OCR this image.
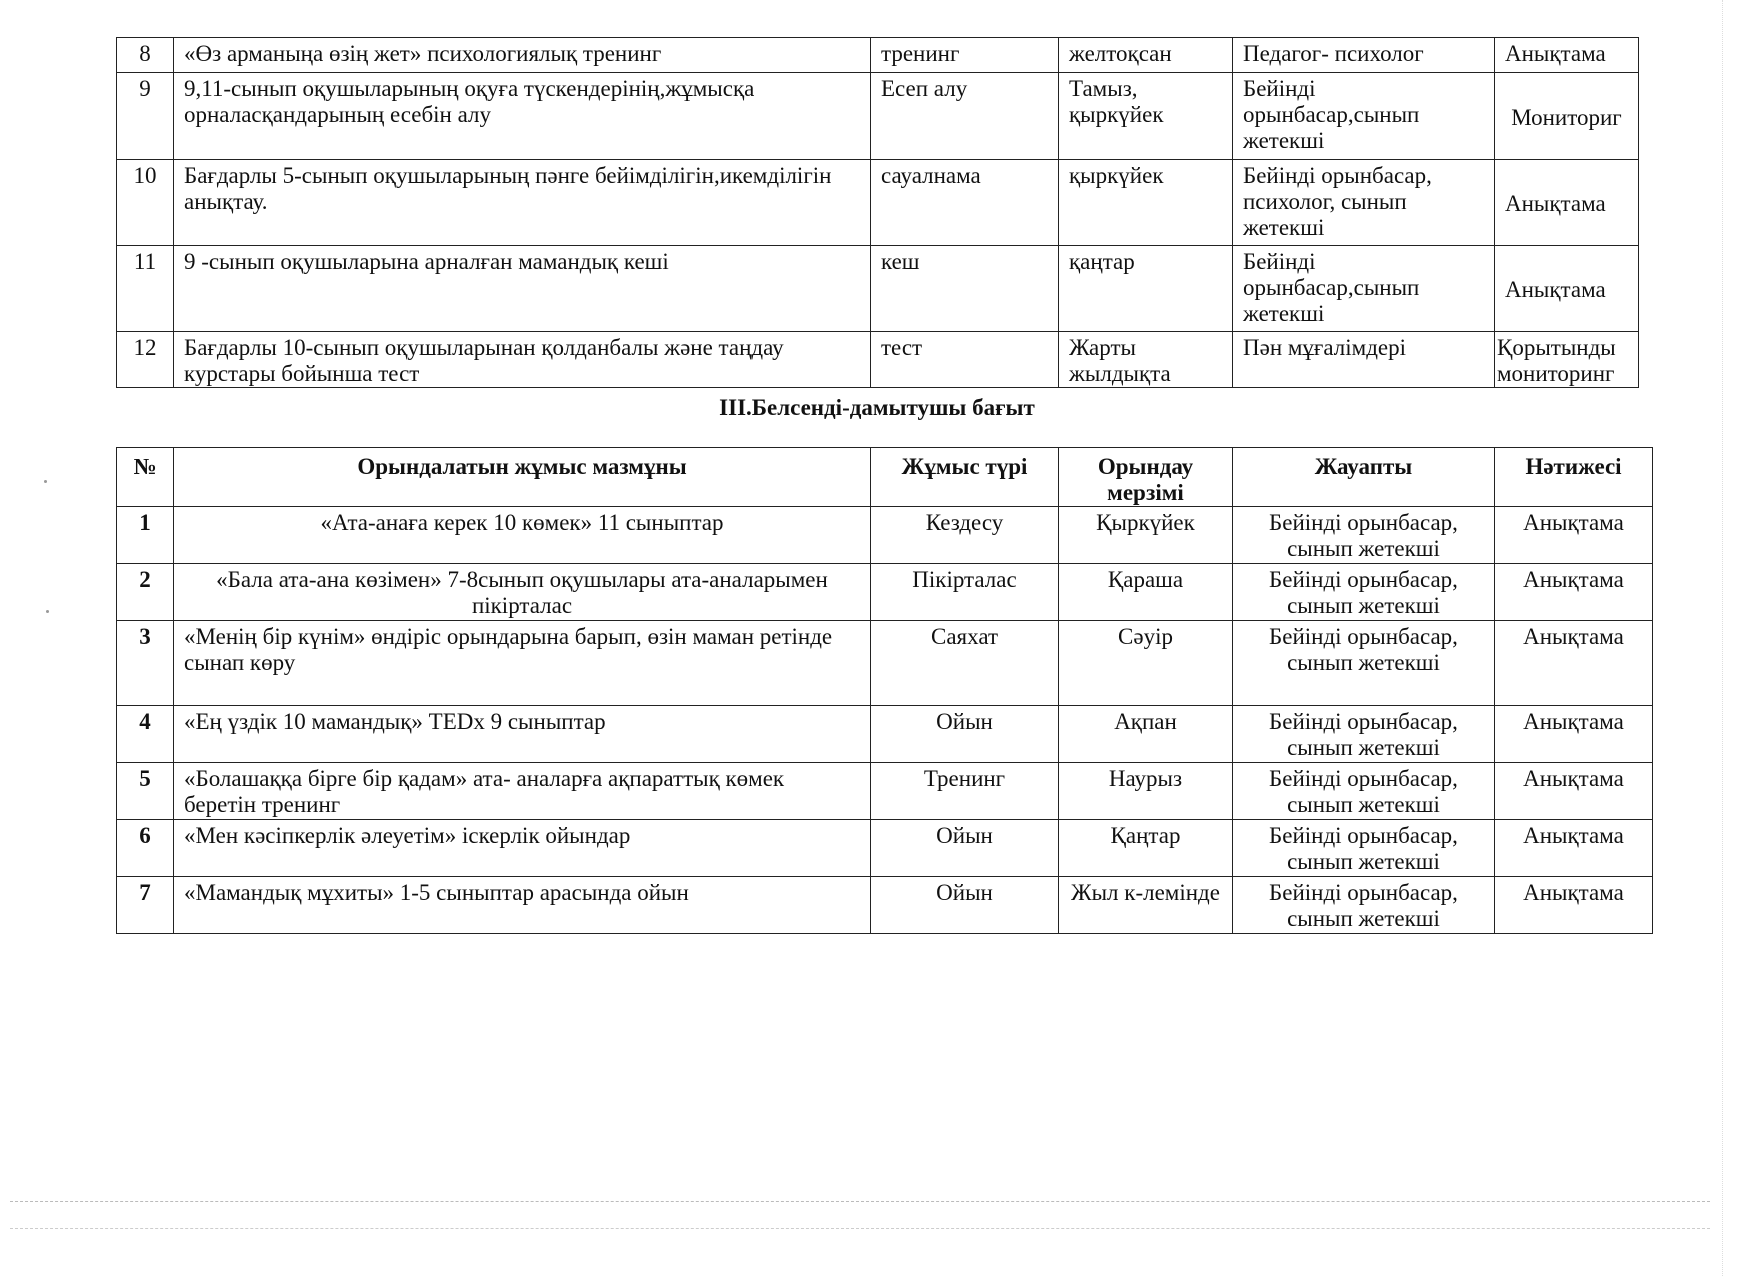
8	«Өз арманыңа өзің жет» психологиялық тренинг	тренинг	желтоқсан	Педагог- психолог	Анықтама
9	9,11-сынып оқушыларының оқуға түскендерінің,жұмысқа орналасқандарының есебін алу	Есеп алу	Тамыз, қыркүйек	Бейінді орынбасар,сынып жетекші	Мониториг
10	Бағдарлы 5-сынып оқушыларының пәнге бейімділігін,икемділігін анықтау.	сауалнама	қыркүйек	Бейінді орынбасар, психолог, сынып жетекші	Анықтама
11	9 -сынып оқушыларына арналған мамандық кеші	кеш	қаңтар	Бейінді орынбасар,сынып жетекші	Анықтама
12	Бағдарлы 10-сынып оқушыларынан қолданбалы және таңдау курстары бойынша тест	тест	Жарты жылдықта	Пән мұғалімдері	Қорытынды мониторинг
III.Белсенді-дамытушы бағыт
№	Орындалатын жұмыс мазмұны	Жұмыс түрі	Орындау мерзімі	Жауапты	Нәтижесі
1	«Ата-анаға керек 10 көмек» 11 сыныптар	Кездесу	Қыркүйек	Бейінді орынбасар, сынып жетекші	Анықтама
2	«Бала ата-ана көзімен» 7-8сынып оқушылары ата-аналарымен пікірталас	Пікірталас	Қараша	Бейінді орынбасар, сынып жетекші	Анықтама
3	«Менің бір күнім» өндіріс орындарына барып, өзін маман ретінде сынап көру	Саяхат	Сәуір	Бейінді орынбасар, сынып жетекші	Анықтама
4	«Ең үздік 10 мамандық» TEDx 9 сыныптар	Ойын	Ақпан	Бейінді орынбасар, сынып жетекші	Анықтама
5	«Болашаққа бірге бір қадам» ата- аналарға ақпараттық көмек беретін тренинг	Тренинг	Наурыз	Бейінді орынбасар, сынып жетекші	Анықтама
6	«Мен кәсіпкерлік әлеуетім» іскерлік ойындар	Ойын	Қаңтар	Бейінді орынбасар, сынып жетекші	Анықтама
7	«Мамандық мұхиты» 1-5 сыныптар арасында ойын	Ойын	Жыл к-лемінде	Бейінді орынбасар, сынып жетекші	Анықтама
